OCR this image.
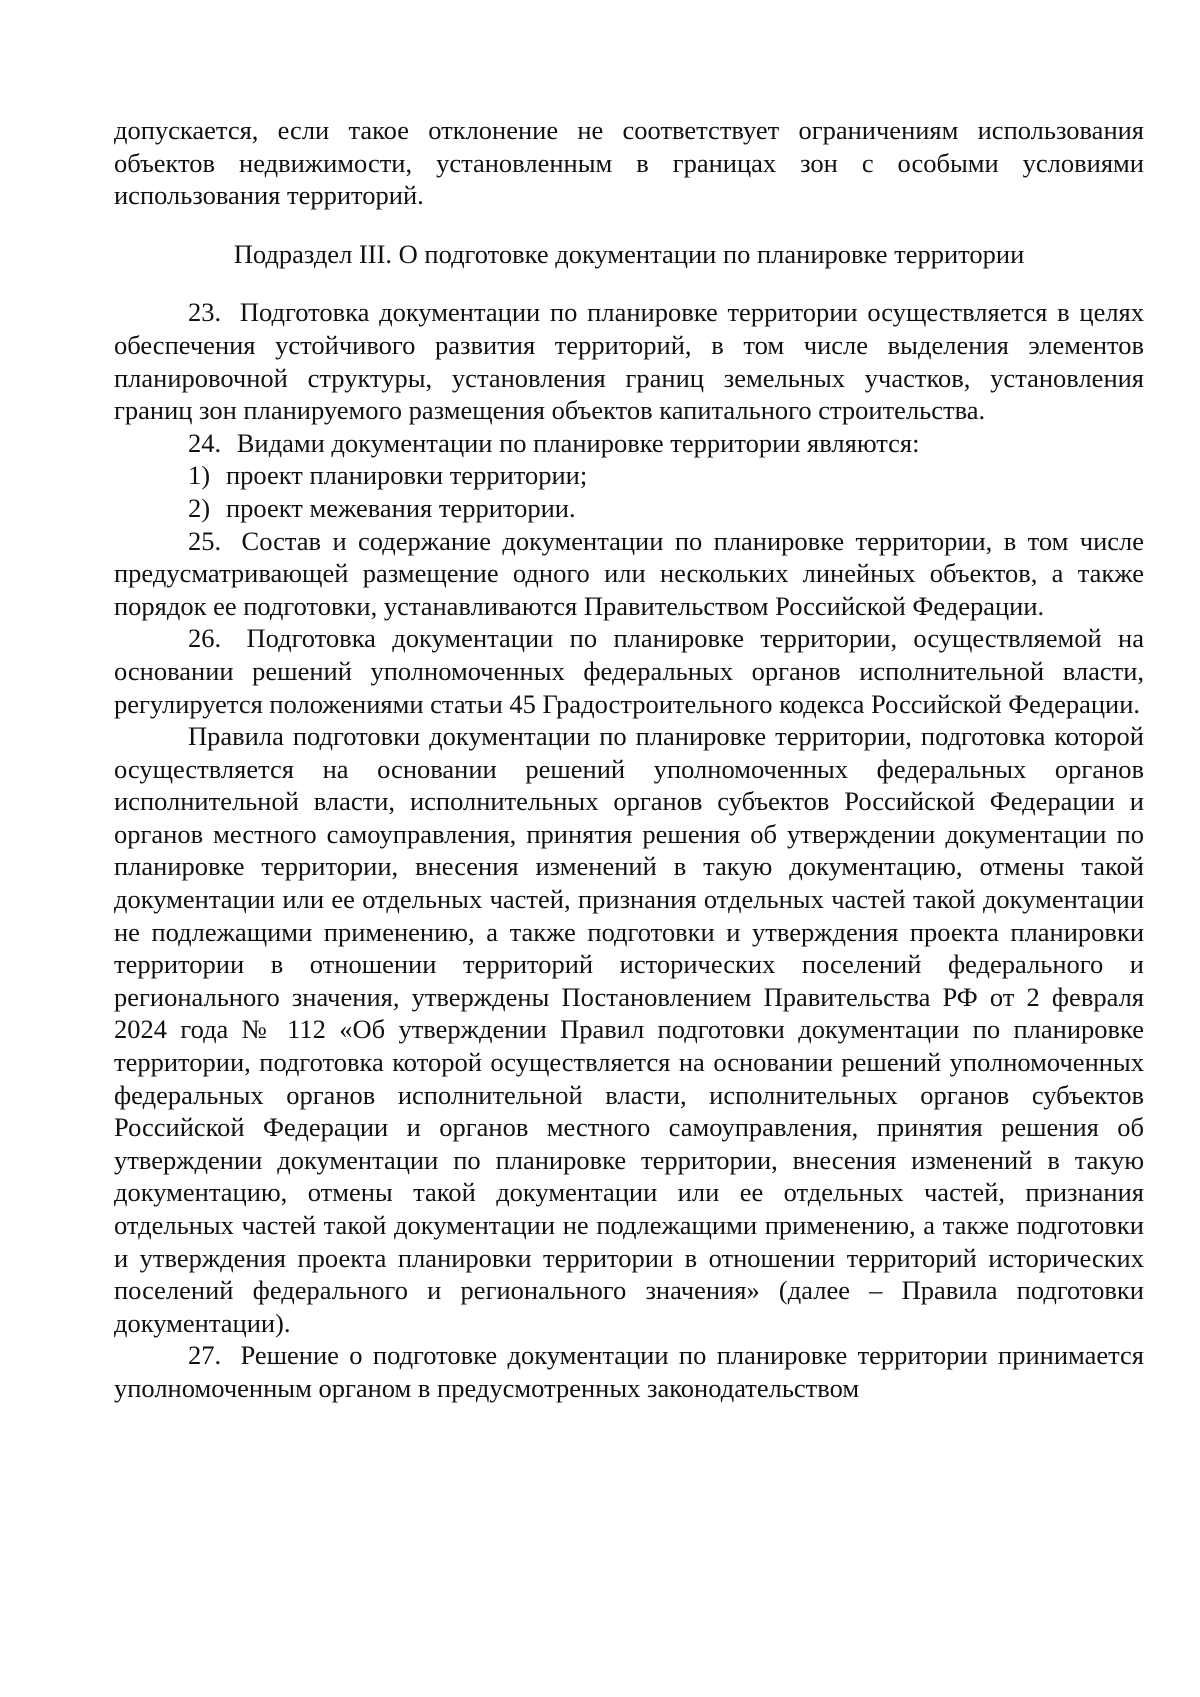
допускается, если такое отклонение не соответствует ограничениям использования объектов недвижимости, установленным в границах зон с особыми условиями использования территорий.

Подраздел III. О подготовке документации по планировке территории

23. Подготовка документации по планировке территории осуществляется в целях обеспечения устойчивого развития территорий, в том числе выделения элементов планировочной структуры, установления границ земельных участков, установления границ зон планируемого размещения объектов капитального строительства.

24. Видами документации по планировке территории являются:

1) проект планировки территории;
2) проект межевания территории.

25. Состав и содержание документации по планировке территории, в том числе предусматривающей размещение одного или нескольких линейных объектов, а также порядок ее подготовки, устанавливаются Правительством Российской Федерации.

26. Подготовка документации по планировке территории, осуществляемой на основании решений уполномоченных федеральных органов исполнительной власти, регулируется положениями статьи 45 Градостроительного кодекса Российской Федерации.

Правила подготовки документации по планировке территории, подготовка которой осуществляется на основании решений уполномоченных федеральных органов исполнительной власти, исполнительных органов субъектов Российской Федерации и органов местного самоуправления, принятия решения об утверждении документации по планировке территории, внесения изменений в такую документацию, отмены такой документации или ее отдельных частей, признания отдельных частей такой документации не подлежащими применению, а также подготовки и утверждения проекта планировки территории в отношении территорий исторических поселений федерального и регионального значения, утверждены Постановлением Правительства РФ от 2 февраля 2024 года № 112 «Об утверждении Правил подготовки документации по планировке территории, подготовка которой осуществляется на основании решений уполномоченных федеральных органов исполнительной власти, исполнительных органов субъектов Российской Федерации и органов местного самоуправления, принятия решения об утверждении документации по планировке территории, внесения изменений в такую документацию, отмены такой документации или ее отдельных частей, признания отдельных частей такой документации не подлежащими применению, а также подготовки и утверждения проекта планировки территории в отношении территорий исторических поселений федерального и регионального значения» (далее – Правила подготовки документации).

27. Решение о подготовке документации по планировке территории принимается уполномоченным органом в предусмотренных законодательством
